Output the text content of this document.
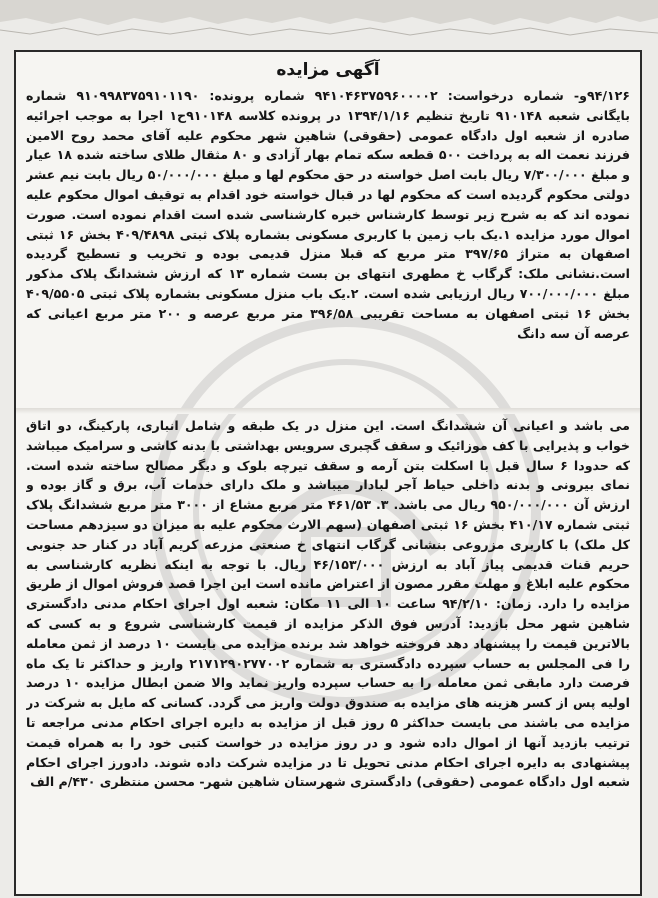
آگهی مزایده
۹۴/۱۲۶و- شماره درخواست: ۹۴۱۰۴۶۳۷۵۹۶۰۰۰۰۲ شماره پرونده: ۹۱۰۹۹۸۳۷۵۹۱۰۱۱۹۰ شماره بایگانی شعبه ۹۱۰۱۴۸ تاریخ تنظیم ۱۳۹۴/۱/۱۶ در پرونده کلاسه ۹۱۰۱۴۸ح۱ اجرا به موجب اجرائیه صادره از شعبه اول دادگاه عمومی (حقوقی) شاهین شهر محکوم علیه آقای محمد روح الامین فرزند نعمت اله به پرداخت ۵۰۰ قطعه سکه تمام بهار آزادی و ۸۰ مثقال طلای ساخته شده ۱۸ عیار و مبلغ ۷/۳۰۰/۰۰۰ ریال بابت اصل خواسته در حق محکوم لها و مبلغ ۵۰/۰۰۰/۰۰۰ ریال بابت نیم عشر دولتی محکوم گردیده است که محکوم لها در قبال خواسته خود اقدام به توقیف اموال محکوم علیه نموده اند که به شرح زیر توسط کارشناس خبره کارشناسی شده است اقدام نموده است. صورت اموال مورد مزایده ۱.یک باب زمین با کاربری مسکونی بشماره پلاک ثبتی ۴۰۹/۴۸۹۸ بخش ۱۶ ثبتی اصفهان به متراژ ۳۹۷/۶۵ متر مربع که قبلا منزل قدیمی بوده و تخریب و تسطیح گردیده است.نشانی ملک: گرگاب خ مطهری انتهای بن بست شماره ۱۳ که ارزش ششدانگ پلاک مذکور مبلغ ۷۰۰/۰۰۰/۰۰۰ ریال ارزیابی شده است. ۲.یک باب منزل مسکونی بشماره پلاک ثبتی ۴۰۹/۵۵۰۵ بخش ۱۶ ثبتی اصفهان به مساحت تقریبی ۳۹۶/۵۸ متر مربع عرصه و ۲۰۰ متر مربع اعیانی که عرصه آن سه دانگ
می باشد و اعیانی آن ششدانگ است. این منزل در یک طبقه و شامل انباری، پارکینگ، دو اتاق خواب و پذیرایی با کف موزائیک و سقف گچبری سرویس بهداشتی با بدنه کاشی و سرامیک میباشد که حدودا ۶ سال قبل با اسکلت بتن آرمه و سقف تیرچه بلوک و دیگر مصالح ساخته شده است. نمای بیرونی و بدنه داخلی حیاط آجر لبادار میباشد و ملک دارای خدمات آب، برق و گاز بوده و ارزش آن ۹۵۰/۰۰۰/۰۰۰ ریال می باشد. ۳. ۴۶۱/۵۳ متر مربع مشاع از ۳۰۰۰ متر مربع ششدانگ پلاک ثبتی شماره ۴۱۰/۱۷ بخش ۱۶ ثبتی اصفهان (سهم الارث محکوم علیه به میزان دو سیزدهم مساحت کل ملک) با کاربری مزروعی بنشانی گرگاب انتهای خ صنعتی مزرعه کریم آباد در کنار حد جنوبی حریم قنات قدیمی پیاز آباد به ارزش ۴۶/۱۵۳/۰۰۰ ریال. با توجه به اینکه نظریه کارشناسی به محکوم علیه ابلاغ و مهلت مقرر مصون از اعتراض مانده است این اجرا قصد فروش اموال از طریق مزایده را دارد. زمان: ۹۴/۲/۱۰ ساعت ۱۰ الی ۱۱ مکان: شعبه اول اجرای احکام مدنی دادگستری شاهین شهر محل بازدید: آدرس فوق الذکر مزایده از قیمت کارشناسی شروع و به کسی که بالاترین قیمت را پیشنهاد دهد فروخته خواهد شد برنده مزایده می بایست ۱۰ درصد از ثمن معامله را فی المجلس به حساب سپرده دادگستری به شماره ۲۱۷۱۲۹۰۲۷۷۰۰۲ واریز و حداکثر تا یک ماه فرصت دارد مابقی ثمن معامله را به حساب سپرده واریز نماید والا ضمن ابطال مزایده ۱۰ درصد اولیه پس از کسر هزینه های مزایده به صندوق دولت واریز می گردد. کسانی که مایل به شرکت در مزایده می باشند می بایست حداکثر ۵ روز قبل از مزایده به دایره اجرای احکام مدنی مراجعه تا ترتیب بازدید آنها از اموال داده شود و در روز مزایده در خواست کتبی خود را به همراه قیمت پیشنهادی به دایره اجرای احکام مدنی تحویل تا در مزایده شرکت داده شوند. دادورز اجرای احکام شعبه اول دادگاه عمومی (حقوقی) دادگستری شهرستان شاهین شهر- محسن منتظری ۴۳۰/م الف
